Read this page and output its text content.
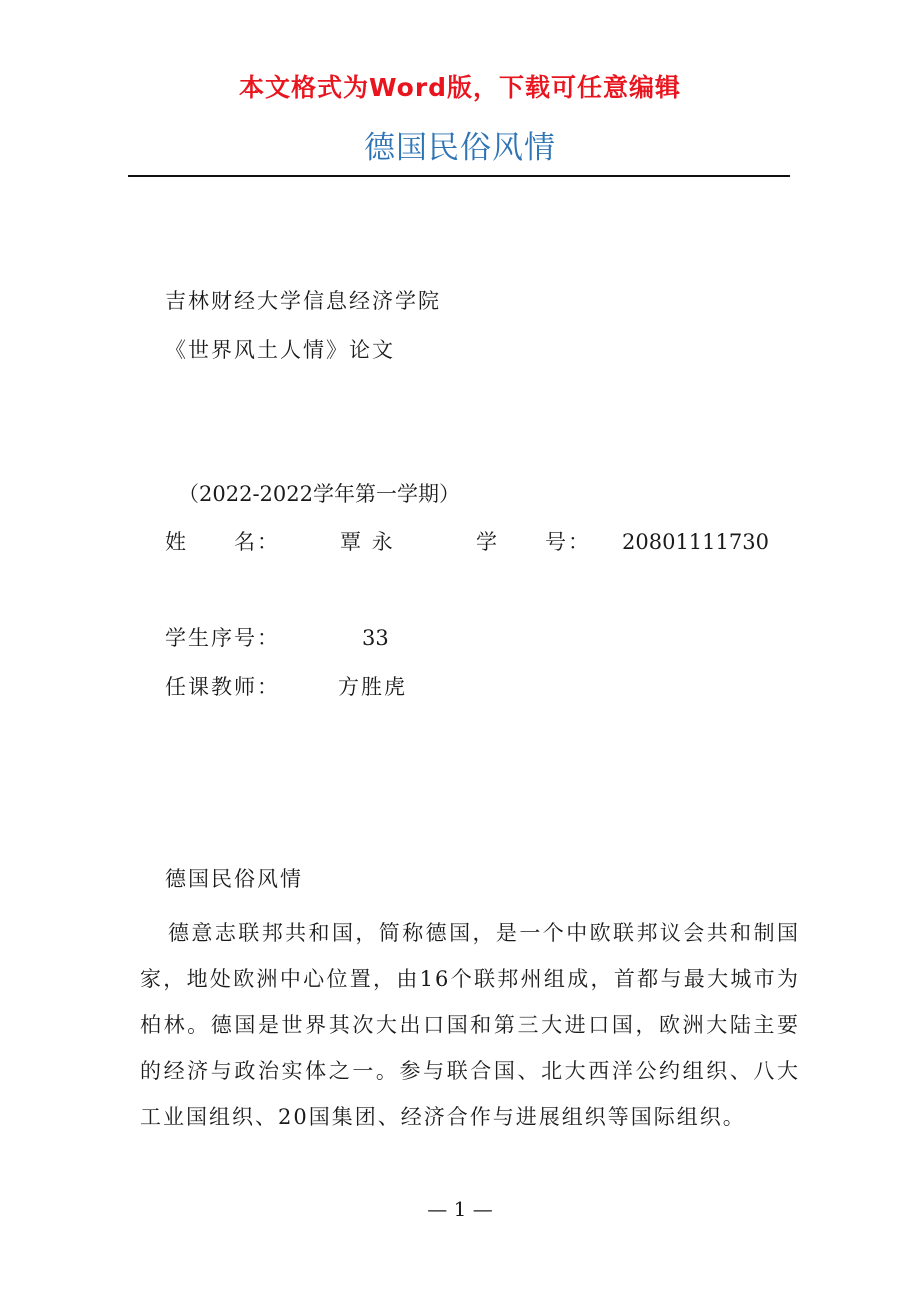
本文格式为Word版，下载可任意编辑
德国民俗风情
吉林财经大学信息经济学院
《世界风土人情》论文
（2022-2022学年第一学期）
姓　　名：	覃 永	学　　号： 20801111730
学生序号：	33
任课教师：	方胜虎
德国民俗风情
德意志联邦共和国，简称德国，是一个中欧联邦议会共和制国家，地处欧洲中心位置，由16个联邦州组成，首都与最大城市为柏林。德国是世界其次大出口国和第三大进口国，欧洲大陆主要的经济与政治实体之一。参与联合国、北大西洋公约组织、八大工业国组织、20国集团、经济合作与进展组织等国际组织。
— 1 —
